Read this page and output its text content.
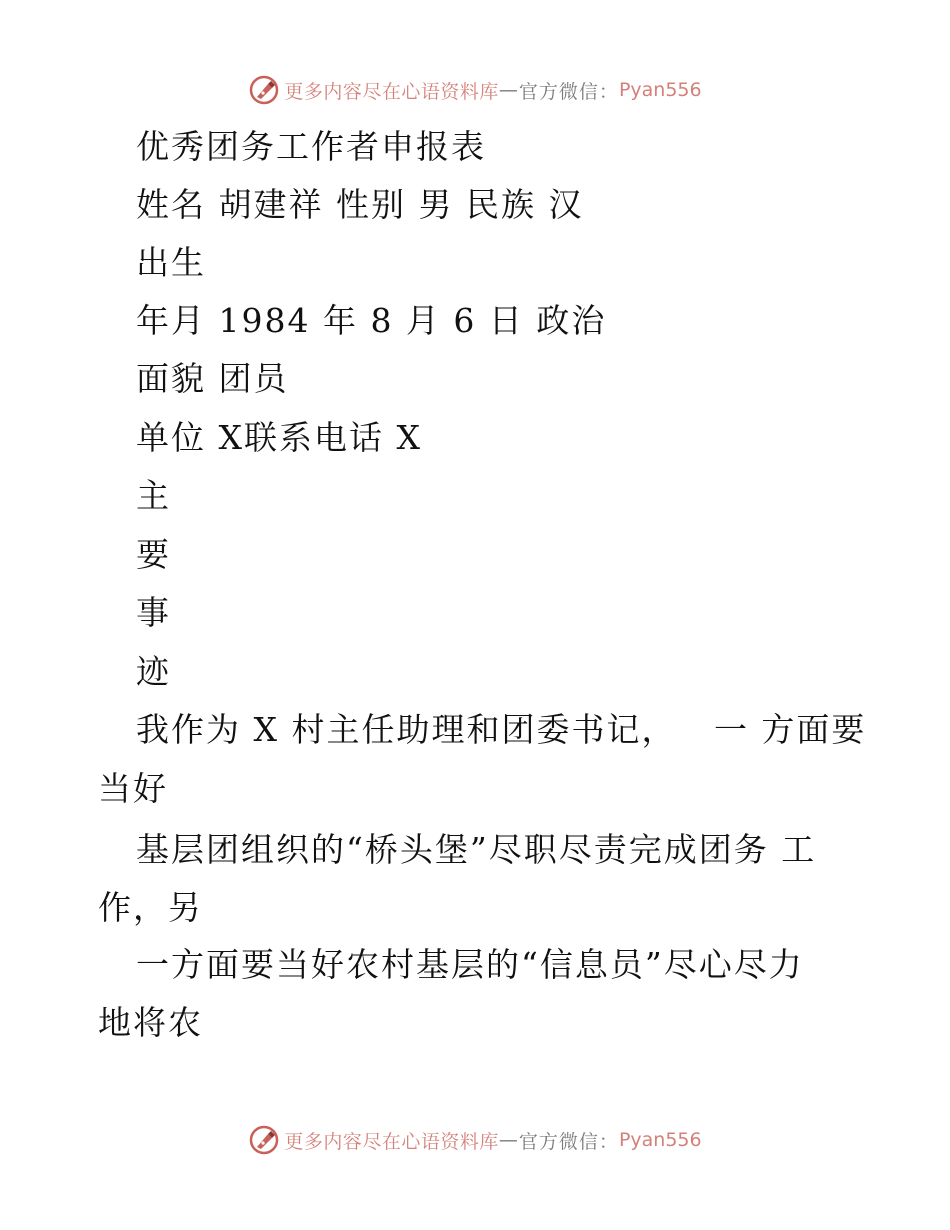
更多内容尽在心语资料库 — 官方微信： Pyan556
优秀团务工作者申报表
姓名 胡建祥 性别 男 民族 汉
出生
年月 1984 年 8 月 6 日 政治
面貌 团员
单位 X联系电话 X
主
要
事
迹
我作为 X 村主任助理和团委书记，   一 方面要
当好
基层团组织的“桥头堡”尽职尽责完成团务 工
作，另
一方面要当好农村基层的“信息员”尽心尽力
地将农
更多内容尽在心语资料库 — 官方微信： Pyan556
